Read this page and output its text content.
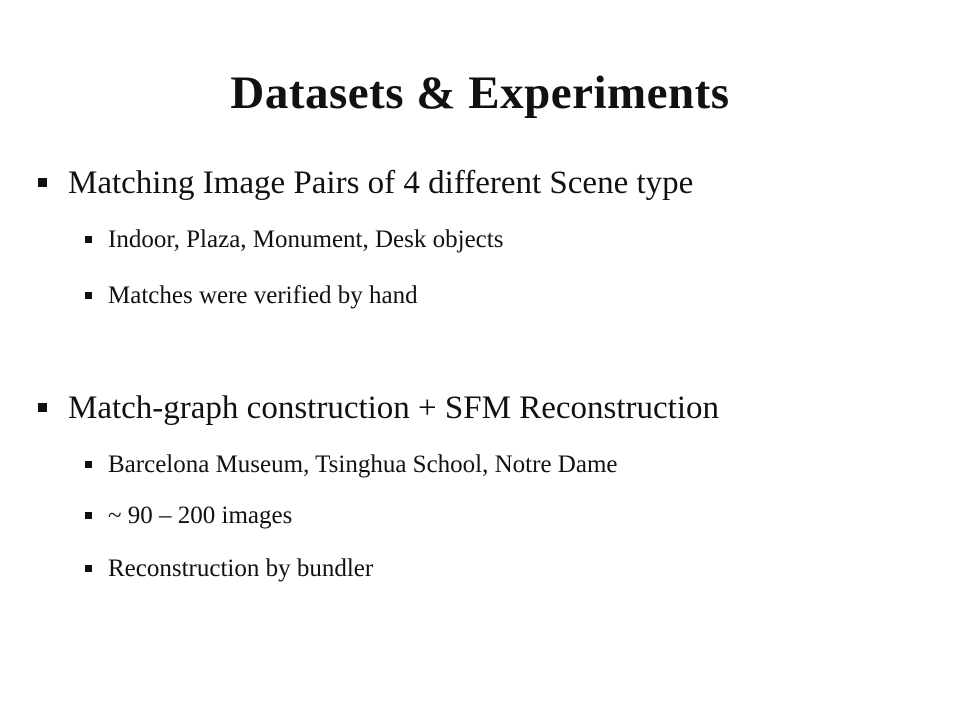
Datasets & Experiments
Matching Image Pairs of 4 different Scene type
Indoor, Plaza, Monument, Desk objects
Matches were verified by hand
Match-graph construction + SFM Reconstruction
Barcelona Museum, Tsinghua School, Notre Dame
~ 90 – 200 images
Reconstruction by bundler
